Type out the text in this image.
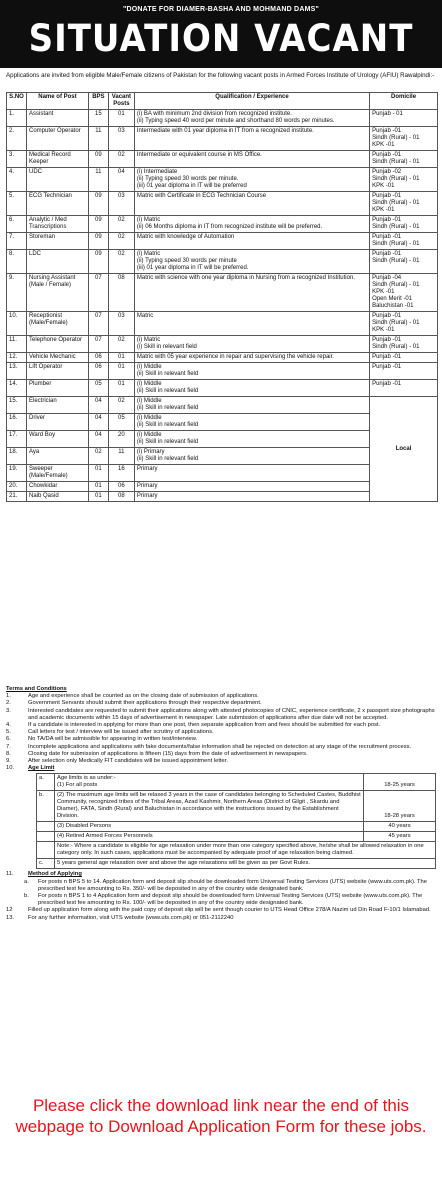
"DONATE FOR DIAMER-BASHA AND MOHMAND DAMS"
SITUATION VACANT
Applications are invited from eligible Male/Female citizens of Pakistan for the following vacant posts in Armed Forces Institute of Urology (AFIU) Rawalpindi:-
S.NO	Name of Post	BPS	Vacant Posts	Qualification / Experience	Domicile
1.	Assistant	15	01	(i) BA with minimum 2nd division from recognized institute.
(ii) Typing speed 40 word per minute and shorthand 80 words per minutes.	Punjab - 01
2.	Computer Operator	11	03	Intermediate with 01 year diploma in IT from a recognized institute.	Punjab -01
Sindh (Rural) - 01
KPK -01
3.	Medical Record Keeper	09	02	Intermediate or equivalent course in MS Office.	Punjab -01
Sindh (Rural) - 01
4.	UDC	11	04	(i) Intermediate
(ii) Typing speed 30 words per minute.
(iii) 01 year diploma in IT will be preferred	Punjab -02
Sindh (Rural) - 01
KPK -01
5.	ECG Technician	09	03	Matric with Certificate in ECG Technician Course	Punjab -01
Sindh (Rural) - 01
KPK -01
6.	Analytic / Med Transcriptions	09	02	(i) Matric
(ii) 06 Months diploma in IT from recognized institute will be preferred.	Punjab -01
Sindh (Rural) - 01
7.	Storeman	09	02	Matric with knowledge of Automation	Punjab -01
Sindh (Rural) - 01
8.	LDC	09	02	(i) Matric
(ii) Typing speed 30 words per minute
(iii) 01 year diploma in IT will be preferred.	Punjab -01
Sindh (Rural) - 01
9.	Nursing Assistant (Male / Female)	07	08	Matric with science with one year diploma in Nursing from a recognized Institution.	Punjab -04
Sindh (Rural) - 01
KPK -01
Open Merit -01
Baluchistan -01
10.	Receptionist (Male/Female)	07	03	Matric	Punjab -01
Sindh (Rural) - 01
KPK -01
11.	Telephone Operator	07	02	(i) Matric
(i) Skill in relevant field	Punjab -01
Sindh (Rural) - 01
12.	Vehicle Mechanic	06	01	Matric with 05 year experience in repair and supervising the vehicle repair.	Punjab -01
13.	Lift Operator	06	01	(i) Middle
(ii) Skill in relevant field	Punjab -01
14.	Plumber	05	01	(i) Middle
(ii) Skill in relevant field	Punjab -01
15.	Electrician	04	02	(i) Middle
(ii) Skill in relevant field	Local
16.	Driver	04	05	(i) Middle
(ii) Skill in relevant field	
17.	Ward Boy	04	20	(i) Middle
(ii) Skill in relevant field	
18.	Aya	02	11	(i) Primary
(ii) Skill in relevant field	
19.	Sweeper (Male/Female)	01	16	Primary	
20.	Chowkidar	01	06	Primary	
21.	Naib Qasid	01	08	Primary	
Terms and Conditions
1.	Age and experience shall be counted as on the closing date of submission of applications.
2.	Government Servants should submit their applications through their respective department.
3.	Interested candidates are requested to submit their applications along with attested photocopies of CNIC, experience certificate, 2 x passport size photographs and academic documents within 15 days of advertisement in newspaper. Late submission of applications after due date will not be accepted.
4.	If a candidate is interested in applying for more than one post, then separate application from and fees should be submitted for each post.
5.	Call letters for test / interview will be issued after scrutiny of applications.
6.	No TA/DA will be admissible for appearing in written test/interview.
7.	Incomplete applications and applications with fake documents/false information shall be rejected on detection at any stage of the recruitment process.
8.	Closing date for submission of applications is fifteen (15) days from the date of advertisement in newspapers.
9.	After selection only Medically FIT candidates will be issued appointment letter.
10.	Age Limit
a.	Age limits is as under:-
(1) For all posts	18-25 years
b.	(2) The maximum age limits will be relaxed 3 years in the case of candidates belonging to Scheduled Castes, Buddhist Community, recognized tribes of the Tribal Areas, Azad Kashmir, Northern Areas (District of Gilgit , Skardu and Diamer), FATA, Sindh (Rural) and Baluchistan in accordance with the instructions issued by the Establishment Division.	18-28 years
	(3) Disabled Persons	40 years
	(4) Retired Armed Forces Personnels	45 years
	Note:- Where a candidate is eligible for age relaxation under more than one category specified above, he/she shall be allowed relaxation in one category only. In such cases, applications must be accompanied by adequate proof of age relaxation being claimed.	
c.	5 years general age relaxation over and above the age relaxations will be given as per Govt Rules.	
11.	Method of Applying
a.	For posts n BPS 5 to 14. Application form and deposit slip should be downloaded form Universal Testing Services (UTS) website (www.uts.com.pk). The prescribed test fee amounting to Rs. 350/- will be deposited in any of the country wide designated bank.
b.	For posts n BPS 1 to 4 Application form and deposit slip should be downloaded form Universal Testing Services (UTS) website (www.uts.com.pk). The prescribed test fee amounting to Rs. 100/- will be deposited in any of the country wide designated bank.
12	Filled up application form along with the paid copy of deposit slip will be sent though courier to UTS Head Office 278/A Nazim ud Din Road F-10/1 Islamabad.
13.	For any further information, visit UTS website (www.uts.com.pk) or 051-2112240
Please click the download link near the end of this webpage to Download Application Form for these jobs.
